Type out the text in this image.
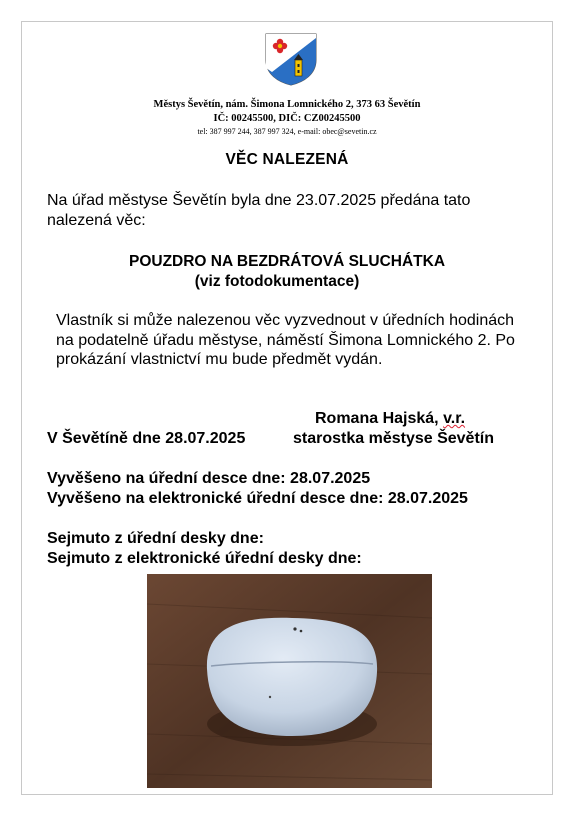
Městys Ševětín, nám. Šimona Lomnického 2, 373 63 Ševětín
IČ: 00245500, DIČ: CZ00245500
tel: 387 997 244, 387 997 324, e-mail: obec@sevetin.cz
VĚC NALEZENÁ
Na úřad městyse Ševětín byla dne 23.07.2025 předána tato nalezená věc:
POUZDRO NA BEZDRÁTOVÁ SLUCHÁTKA
(viz fotodokumentace)
Vlastník si může nalezenou věc vyzvednout v úředních hodinách na podatelně úřadu městyse, náměstí Šimona Lomnického 2. Po prokázání vlastnictví mu bude předmět vydán.
Romana Hajská, v.r.
V Ševětíně dne 28.07.2025	starostka městyse Ševětín
Vyvěšeno na úřední desce dne: 28.07.2025
Vyvěšeno na elektronické úřední desce dne: 28.07.2025
Sejmuto z úřední desky dne:
Sejmuto z elektronické úřední desky dne:
